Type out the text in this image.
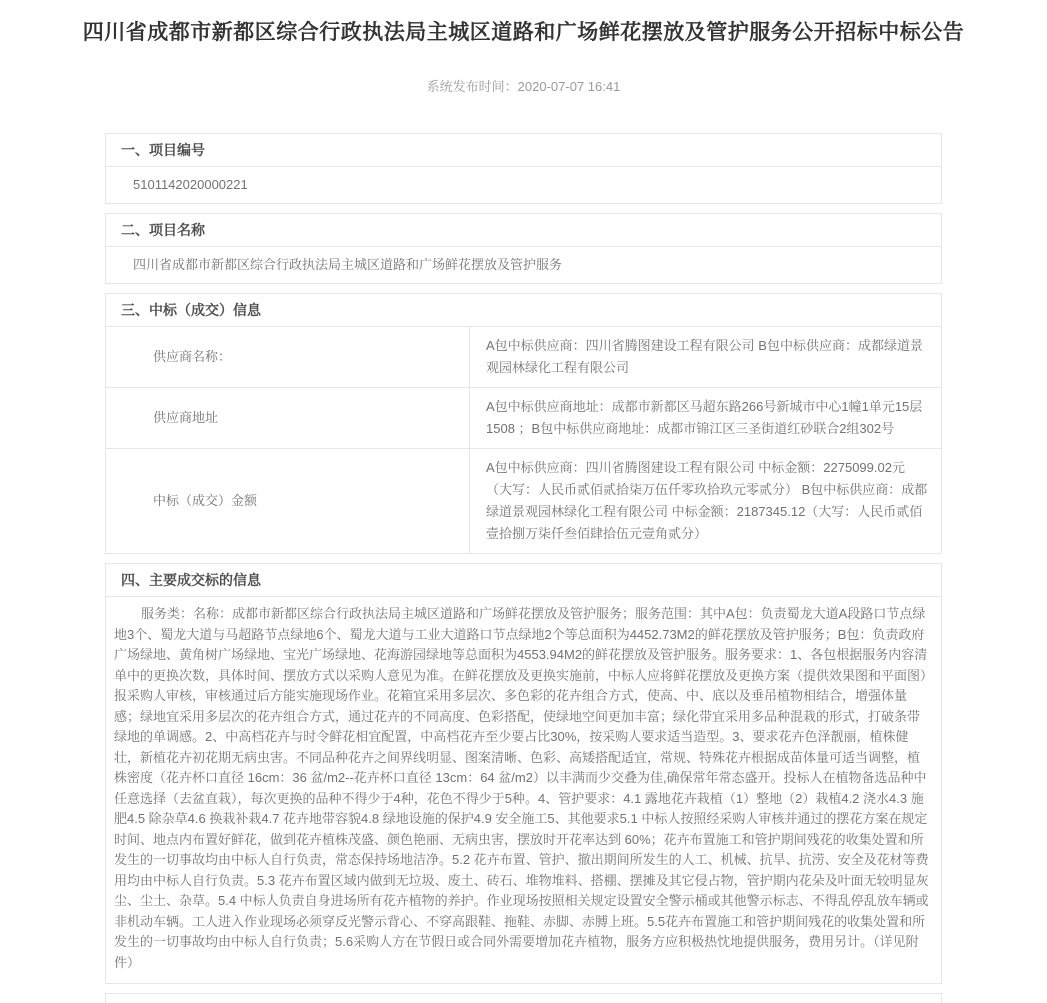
四川省成都市新都区综合行政执法局主城区道路和广场鲜花摆放及管护服务公开招标中标公告
系统发布时间：2020-07-07 16:41
一、项目编号
5101142020000221
二、项目名称
四川省成都市新都区综合行政执法局主城区道路和广场鲜花摆放及管护服务
三、中标（成交）信息
供应商名称：
A包中标供应商：四川省腾图建设工程有限公司 B包中标供应商：成都绿道景观园林绿化工程有限公司
供应商地址
A包中标供应商地址：成都市新都区马超东路266号新城市中心1幢1单元15层1508 ；B包中标供应商地址：成都市锦江区三圣街道红砂联合2组302号
中标（成交）金额
A包中标供应商：四川省腾图建设工程有限公司 中标金额：2275099.02元（大写：人民币贰佰贰拾柒万伍仟零玖拾玖元零贰分） B包中标供应商：成都绿道景观园林绿化工程有限公司 中标金额：2187345.12（大写：人民币贰佰壹拾捌万柒仟叁佰肆拾伍元壹角贰分）
四、主要成交标的信息
服务类：名称：成都市新都区综合行政执法局主城区道路和广场鲜花摆放及管护服务；服务范围：其中A包：负责蜀龙大道A段路口节点绿地3个、蜀龙大道与马超路节点绿地6个、蜀龙大道与工业大道路口节点绿地2个等总面积为4452.73M2的鲜花摆放及管护服务；B包：负责政府广场绿地、黄角树广场绿地、宝光广场绿地、花海游园绿地等总面积为4553.94M2的鲜花摆放及管护服务。服务要求：1、各包根据服务内容清单中的更换次数，具体时间、摆放方式以采购人意见为准。在鲜花摆放及更换实施前，中标人应将鲜花摆放及更换方案（提供效果图和平面图）报采购人审核，审核通过后方能实施现场作业。花箱宜采用多层次、多色彩的花卉组合方式，使高、中、底以及垂吊植物相结合，增强体量感；绿地宜采用多层次的花卉组合方式，通过花卉的不同高度、色彩搭配，使绿地空间更加丰富；绿化带宜采用多品种混栽的形式，打破条带绿地的单调感。2、中高档花卉与时令鲜花相宜配置，中高档花卉至少要占比30%，按采购人要求适当造型。3、要求花卉色泽靓丽，植株健壮，新植花卉初花期无病虫害。不同品种花卉之间界线明显、图案清晰、色彩、高矮搭配适宜，常规、特殊花卉根据成苗体量可适当调整，植株密度（花卉杯口直径 16cm：36 盆/m2--花卉杯口直径 13cm：64 盆/m2）以丰满而少交叠为佳,确保常年常态盛开。投标人在植物备选品种中任意选择（去盆直栽），每次更换的品种不得少于4种，花色不得少于5种。4、管护要求：4.1 露地花卉栽植（1）整地（2）栽植4.2 浇水4.3 施肥4.5 除杂草4.6 换栽补栽4.7 花卉地带容貌4.8 绿地设施的保护4.9 安全施工5、其他要求5.1 中标人按照经采购人审核并通过的摆花方案在规定时间、地点内布置好鲜花，做到花卉植株茂盛、颜色艳丽、无病虫害，摆放时开花率达到 60%；花卉布置施工和管护期间残花的收集处置和所发生的一切事故均由中标人自行负责，常态保持场地洁净。5.2 花卉布置、管护、撤出期间所发生的人工、机械、抗旱、抗涝、安全及花材等费用均由中标人自行负责。5.3 花卉布置区域内做到无垃圾、废土、砖石、堆物堆料、搭棚、摆摊及其它侵占物，管护期内花朵及叶面无较明显灰尘、尘土、杂草。5.4 中标人负责自身进场所有花卉植物的养护。作业现场按照相关规定设置安全警示桶或其他警示标志、不得乱停乱放车辆或非机动车辆。工人进入作业现场必须穿反光警示背心、不穿高跟鞋、拖鞋、赤脚、赤膊上班。5.5花卉布置施工和管护期间残花的收集处置和所发生的一切事故均由中标人自行负责；5.6采购人方在节假日或合同外需要增加花卉植物，服务方应积极热忱地提供服务，费用另计。（详见附件）
